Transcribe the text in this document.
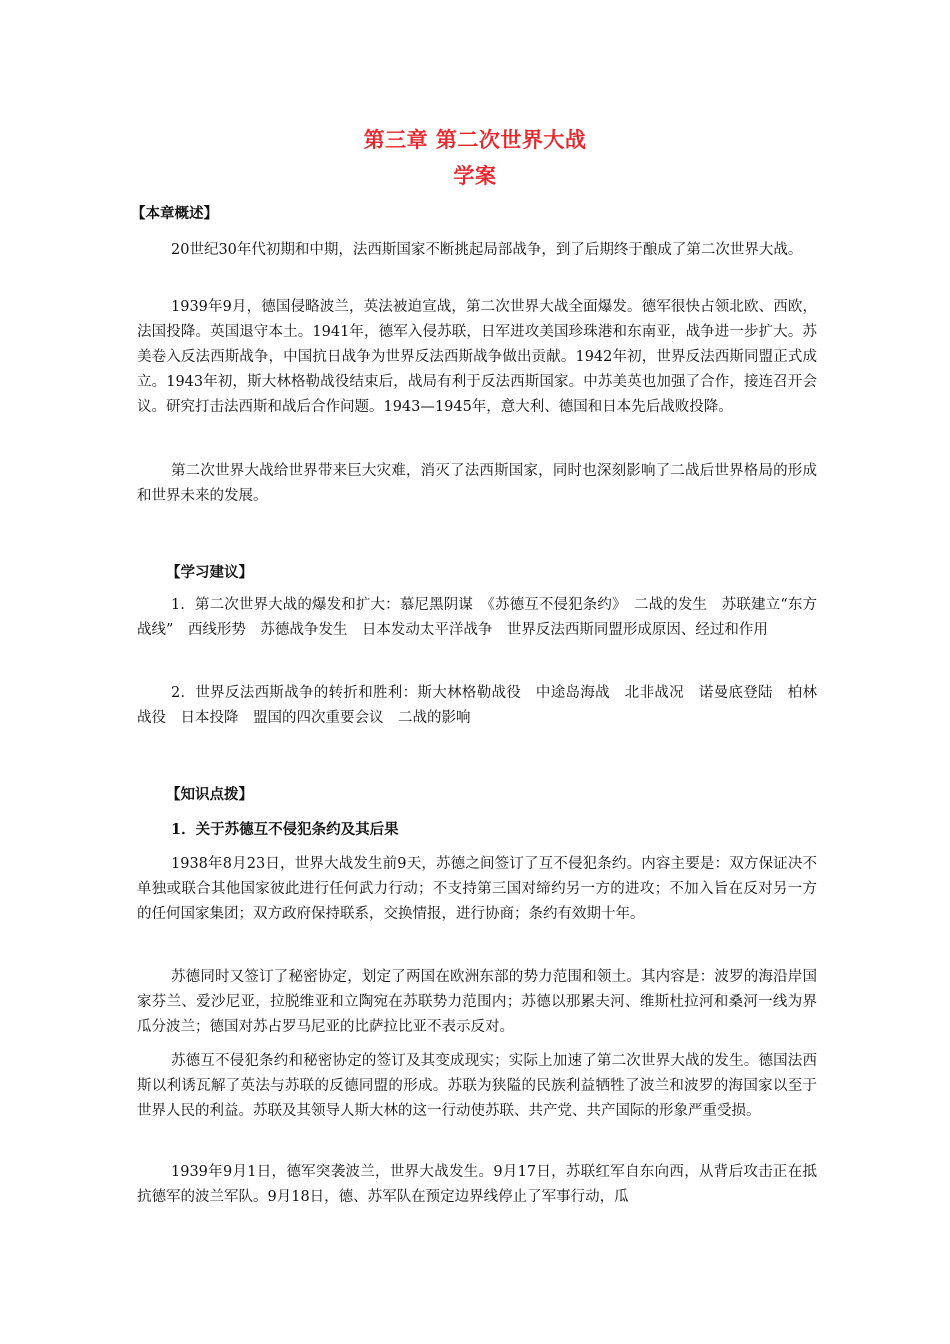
第三章 第二次世界大战
学案
【本章概述】

20世纪30年代初期和中期，法西斯国家不断挑起局部战争，到了后期终于酿成了第二次世界大战。

1939年9月，德国侵略波兰，英法被迫宣战，第二次世界大战全面爆发。德军很快占领北欧、西欧，法国投降。英国退守本土。1941年，德军入侵苏联，日军进攻美国珍珠港和东南亚，战争进一步扩大。苏美卷入反法西斯战争，中国抗日战争为世界反法西斯战争做出贡献。1942年初，世界反法西斯同盟正式成立。1943年初，斯大林格勒战役结束后，战局有利于反法西斯国家。中苏美英也加强了合作，接连召开会议。研究打击法西斯和战后合作问题。1943—1945年，意大利、德国和日本先后战败投降。

第二次世界大战给世界带来巨大灾难，消灭了法西斯国家，同时也深刻影响了二战后世界格局的形成和世界未来的发展。

【学习建议】

1．第二次世界大战的爆发和扩大：慕尼黑阴谋　《苏德互不侵犯条约》　二战的发生　苏联建立“东方战线”　西线形势　苏德战争发生　日本发动太平洋战争　世界反法西斯同盟形成原因、经过和作用

2．世界反法西斯战争的转折和胜利：斯大林格勒战役　中途岛海战　北非战况　诺曼底登陆　柏林战役　日本投降　盟国的四次重要会议　二战的影响

【知识点拨】
1．关于苏德互不侵犯条约及其后果

1938年8月23日，世界大战发生前9天，苏德之间签订了互不侵犯条约。内容主要是：双方保证决不单独或联合其他国家彼此进行任何武力行动；不支持第三国对缔约另一方的进攻；不加入旨在反对另一方的任何国家集团；双方政府保持联系，交换情报，进行协商；条约有效期十年。

苏德同时又签订了秘密协定，划定了两国在欧洲东部的势力范围和领土。其内容是：波罗的海沿岸国家芬兰、爱沙尼亚，拉脱维亚和立陶宛在苏联势力范围内；苏德以那累夫河、维斯杜拉河和桑河一线为界瓜分波兰；德国对苏占罗马尼亚的比萨拉比亚不表示反对。

苏德互不侵犯条约和秘密协定的签订及其变成现实；实际上加速了第二次世界大战的发生。德国法西斯以利诱瓦解了英法与苏联的反德同盟的形成。苏联为狭隘的民族利益牺牲了波兰和波罗的海国家以至于世界人民的利益。苏联及其领导人斯大林的这一行动使苏联、共产党、共产国际的形象严重受损。

1939年9月1日，德军突袭波兰，世界大战发生。9月17日，苏联红军自东向西，从背后攻击正在抵抗德军的波兰军队。9月18日，德、苏军队在预定边界线停止了军事行动，瓜
